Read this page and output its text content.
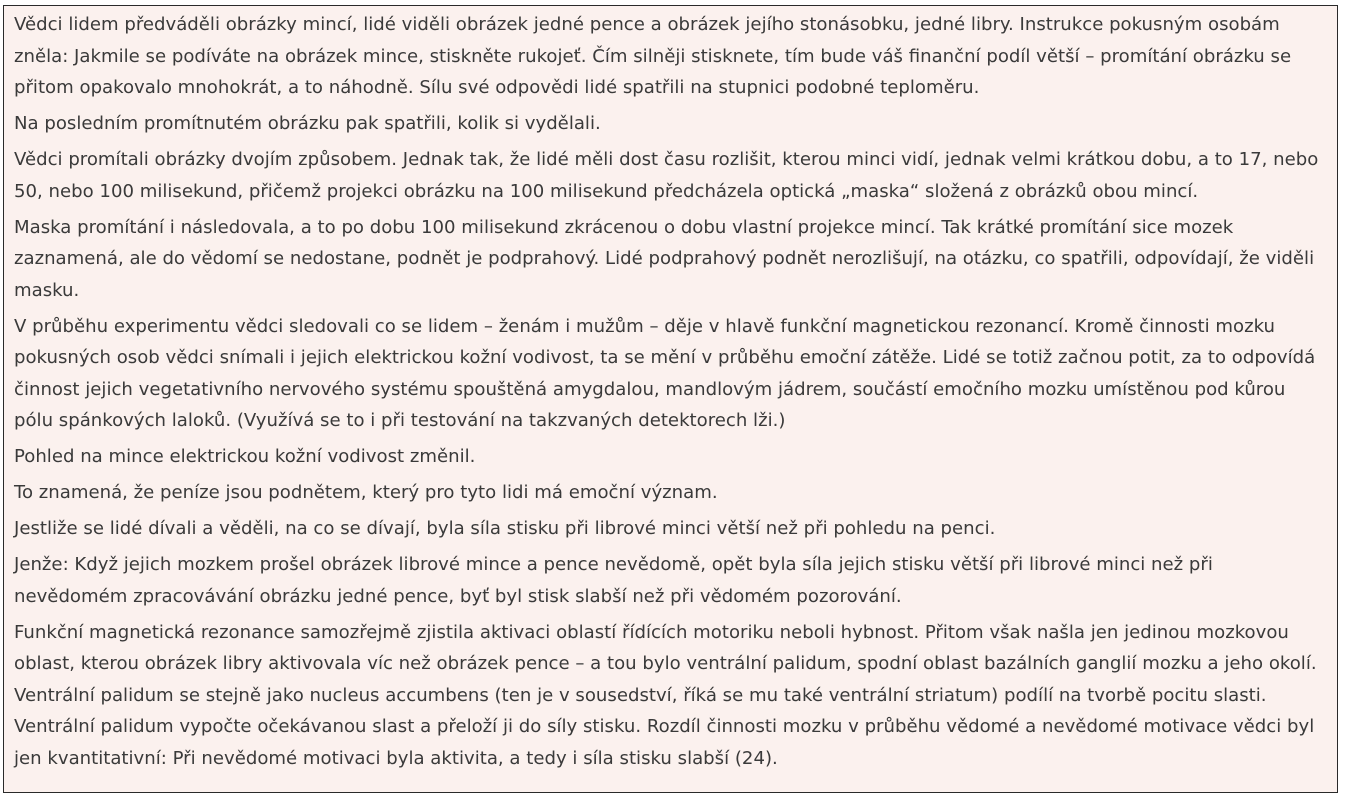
Vědci lidem předváděli obrázky mincí, lidé viděli obrázek jedné pence a obrázek jejího stonásobku, jedné libry. Instrukce pokusným osobám zněla: Jakmile se podíváte na obrázek mince, stiskněte rukojeť. Čím silněji stisknete, tím bude váš finanční podíl větší – promítání obrázku se přitom opakovalo mnohokrát, a to náhodně. Sílu své odpovědi lidé spatřili na stupnici podobné teploměru.

Na posledním promítnutém obrázku pak spatřili, kolik si vydělali.

Vědci promítali obrázky dvojím způsobem. Jednak tak, že lidé měli dost času rozlišit, kterou minci vidí, jednak velmi krátkou dobu, a to 17, nebo 50, nebo 100 milisekund, přičemž projekci obrázku na 100 milisekund předcházela optická „maska“ složená z obrázků obou mincí.

Maska promítání i následovala, a to po dobu 100 milisekund zkrácenou o dobu vlastní projekce mincí. Tak krátké promítání sice mozek zaznamená, ale do vědomí se nedostane, podnět je podprahový. Lidé podprahový podnět nerozlišují, na otázku, co spatřili, odpovídají, že viděli masku.

V průběhu experimentu vědci sledovali co se lidem – ženám i mužům – děje v hlavě funkční magnetickou rezonancí. Kromě činnosti mozku pokusných osob vědci snímali i jejich elektrickou kožní vodivost, ta se mění v průběhu emoční zátěže. Lidé se totiž začnou potit, za to odpovídá činnost jejich vegetativního nervového systému spouštěná amygdalou, mandlovým jádrem, součástí emočního mozku umístěnou pod kůrou pólu spánkových laloků. (Využívá se to i při testování na takzvaných detektorech lži.)

Pohled na mince elektrickou kožní vodivost změnil.

To znamená, že peníze jsou podnětem, který pro tyto lidi má emoční význam.

Jestliže se lidé dívali a věděli, na co se dívají, byla síla stisku při librové minci větší než při pohledu na penci.

Jenže: Když jejich mozkem prošel obrázek librové mince a pence nevědomě, opět byla síla jejich stisku větší při librové minci než při nevědomém zpracovávání obrázku jedné pence, byť byl stisk slabší než při vědomém pozorování.

Funkční magnetická rezonance samozřejmě zjistila aktivaci oblastí řídících motoriku neboli hybnost. Přitom však našla jen jedinou mozkovou oblast, kterou obrázek libry aktivovala víc než obrázek pence – a tou bylo ventrální palidum, spodní oblast bazálních ganglií mozku a jeho okolí. Ventrální palidum se stejně jako nucleus accumbens (ten je v sousedství, říká se mu také ventrální striatum) podílí na tvorbě pocitu slasti. Ventrální palidum vypočte očekávanou slast a přeloží ji do síly stisku. Rozdíl činnosti mozku v průběhu vědomé a nevědomé motivace vědci byl jen kvantitativní: Při nevědomé motivaci byla aktivita, a tedy i síla stisku slabší (24).
